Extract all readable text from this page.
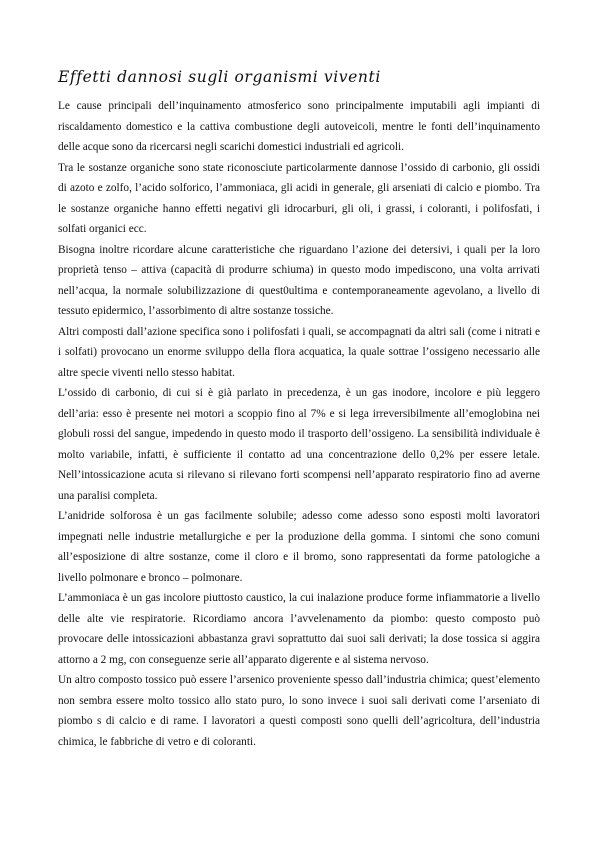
Effetti dannosi sugli organismi viventi

Le cause principali dell’inquinamento atmosferico sono principalmente imputabili agli impianti di riscaldamento domestico e la cattiva combustione degli autoveicoli, mentre le fonti dell’inquinamento delle acque sono da ricercarsi negli scarichi domestici industriali ed agricoli.

Tra le sostanze organiche sono state riconosciute particolarmente dannose l’ossido di carbonio, gli ossidi di azoto e zolfo, l’acido solforico, l’ammoniaca, gli acidi in generale, gli arseniati di calcio e piombo. Tra le sostanze organiche hanno effetti negativi gli idrocarburi, gli oli, i grassi, i coloranti, i polifosfati, i solfati organici ecc.

Bisogna inoltre ricordare alcune caratteristiche che riguardano l’azione dei detersivi, i quali per la loro proprietà tenso – attiva (capacità di produrre schiuma) in questo modo impediscono, una volta arrivati nell’acqua, la normale solubilizzazione di quest0ultima e contemporaneamente agevolano, a livello di tessuto epidermico, l’assorbimento di altre sostanze tossiche.

Altri composti dall’azione specifica sono i polifosfati i quali, se accompagnati da altri sali (come i nitrati e i solfati) provocano un enorme sviluppo della flora acquatica, la quale sottrae l’ossigeno necessario alle altre specie viventi nello stesso habitat.

L’ossido di carbonio, di cui si è già parlato in precedenza, è un gas inodore, incolore e più leggero dell’aria: esso è presente nei motori a scoppio fino al 7% e si lega irreversibilmente all’emoglobina nei globuli rossi del sangue, impedendo in questo modo il trasporto dell’ossigeno. La sensibilità individuale è molto variabile, infatti, è sufficiente il contatto ad una concentrazione dello 0,2% per essere letale. Nell’intossicazione acuta si rilevano si rilevano forti scompensi nell’apparato respiratorio fino ad averne una paralisi completa.

L’anidride solforosa è un gas facilmente solubile; adesso come adesso sono esposti molti lavoratori impegnati nelle industrie metallurgiche e per la produzione della gomma. I sintomi che sono comuni all’esposizione di altre sostanze, come il cloro e il bromo, sono rappresentati da forme patologiche a livello polmonare e bronco – polmonare.

L’ammoniaca è un gas incolore piuttosto caustico, la cui inalazione produce forme infiammatorie a livello delle alte vie respiratorie. Ricordiamo ancora l’avvelenamento da piombo: questo composto può provocare delle intossicazioni abbastanza gravi soprattutto dai suoi sali derivati; la dose tossica si aggira attorno a 2 mg, con conseguenze serie all’apparato digerente e al sistema nervoso.

Un altro composto tossico può essere l’arsenico proveniente spesso dall’industria chimica; quest’elemento non sembra essere molto tossico allo stato puro, lo sono invece i suoi sali derivati come l’arseniato di piombo s di calcio e di rame. I lavoratori a questi composti sono quelli dell’agricoltura, dell’industria chimica, le fabbriche di vetro e di coloranti.
